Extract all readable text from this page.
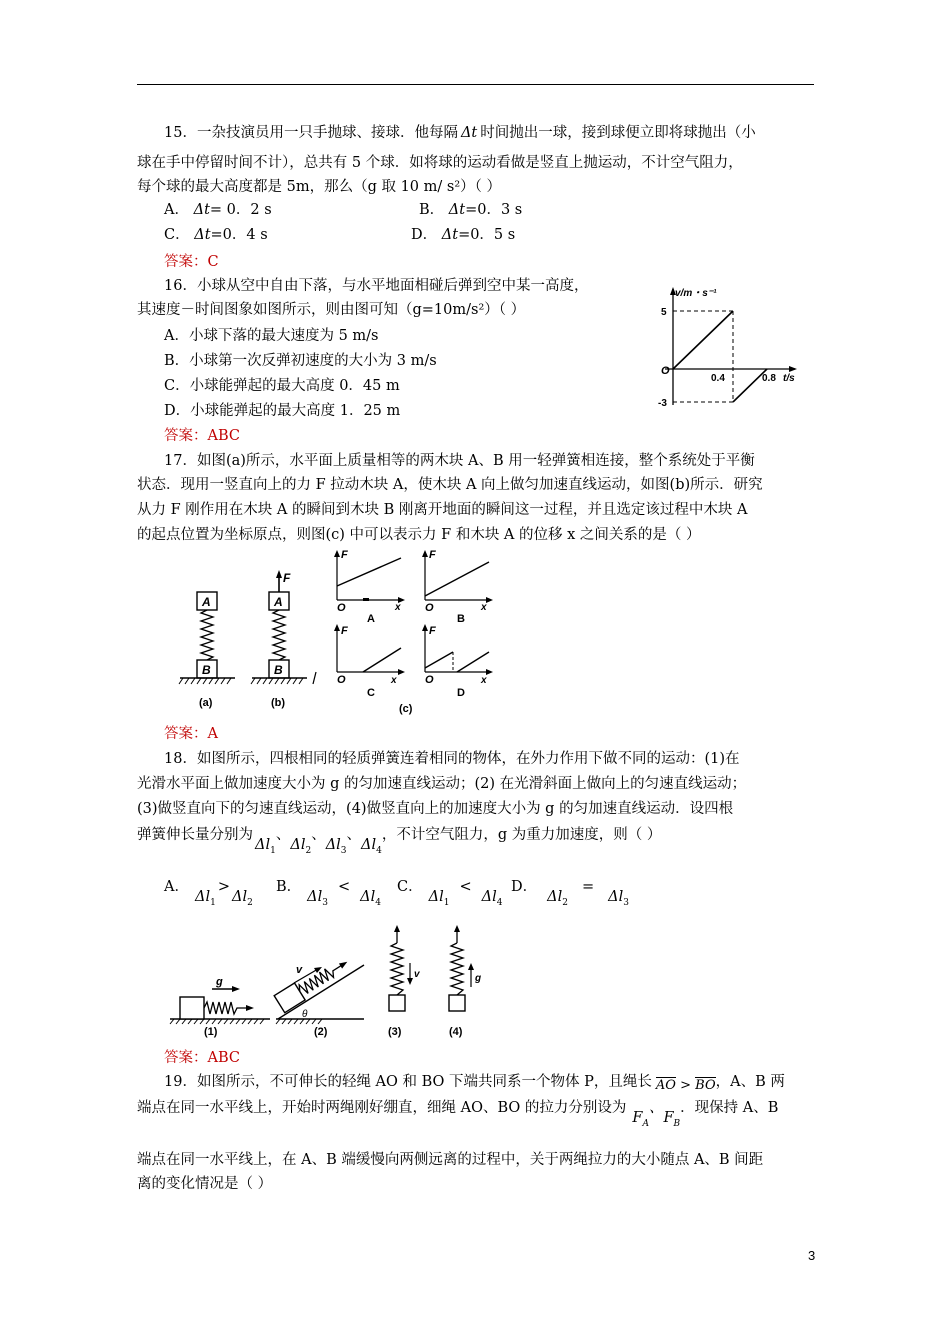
15．一杂技演员用一只手抛球、接球．他每隔 Δt 时间抛出一球，接到球便立即将球抛出（小
球在手中停留时间不计），总共有 5 个球．如将球的运动看做是竖直上抛运动，不计空气阻力，
每个球的最大高度都是 5m，那么（g 取 10 m/ s²）（ ）
A． Δt= 0．2 s	B． Δt=0．3 s
C． Δt=0．4 s	D． Δt=0．5 s
答案：C
16．小球从空中自由下落，与水平地面相碰后弹到空中某一高度，
其速度－时间图象如图所示，则由图可知（g=10m/s²）（ ）
A．小球下落的最大速度为 5 m/s
B．小球第一次反弹初速度的大小为 3 m/s
C．小球能弹起的最大高度 0．45 m
D．小球能弹起的最大高度 1．25 m
答案：ABC
v/m・s⁻¹
5
O
-3
0.4	0.8 t/s
17．如图(a)所示，水平面上质量相等的两木块 A、B 用一轻弹簧相连接，整个系统处于平衡
状态．现用一竖直向上的力 F 拉动木块 A，使木块 A 向上做匀加速直线运动，如图(b)所示．研究
从力 F 刚作用在木块 A 的瞬间到木块 B 刚离开地面的瞬间这一过程，并且选定该过程中木块 A
的起点位置为坐标原点，则图(c) 中可以表示力 F 和木块 A 的位移 x 之间关系的是（ ）
A
B
(a)
F
A
B
(b)
F
O	x
A
F
O	x
B
F
O	x
C
F
O	x
D
(c)
答案：A
18．如图所示，四根相同的轻质弹簧连着相同的物体，在外力作用下做不同的运动：(1)在
光滑水平面上做加速度大小为 g 的匀加速直线运动；(2) 在光滑斜面上做向上的匀速直线运动；
(3)做竖直向下的匀速直线运动，(4)做竖直向上的加速度大小为 g 的匀加速直线运动．设四根
弹簧伸长量分别为$\Delta l_1$、$\Delta l_2$、$\Delta l_3$、$\Delta l_4$，不计空气阻力，g 为重力加速度，则（ ）
A．$\Delta l_1>\Delta l_2$
B．$\Delta l_3<\Delta l_4$
C．$\Delta l_1<\Delta l_4$
D．$\Delta l_2=\Delta l_3$
g
(1)
v
θ
(2)
v
(3)
g
(4)
答案：ABC
19．如图所示，不可伸长的轻绳 AO 和 BO 下端共同系一个物体 P，且绳长 AO > BO，A、B 两
端点在同一水平线上，开始时两绳刚好绷直，细绳 AO、BO 的拉力分别设为$F_A$、$F_B$．现保持 A、B
端点在同一水平线上，在 A、B 端缓慢向两侧远离的过程中，关于两绳拉力的大小随点 A、B 间距
离的变化情况是（ ）
3
